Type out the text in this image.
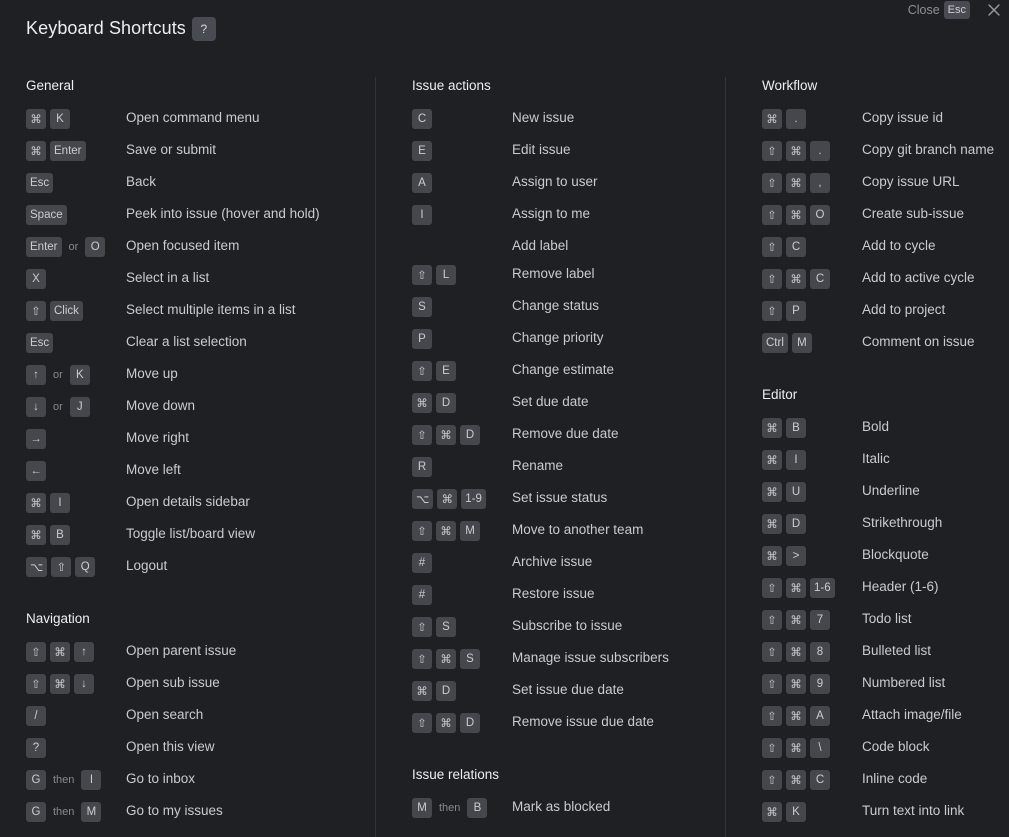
Keyboard Shortcuts	?
Close Esc
General
⌘	K	Open command menu
⌘	Enter	Save or submit
Esc	Back
Space	Peek into issue (hover and hold)
Enter	or	O	Open focused item
X	Select in a list
⇧	Click	Select multiple items in a list
Esc	Clear a list selection
↑	or	K	Move up
↓	or	J	Move down
→	Move right
←	Move left
⌘	I	Open details sidebar
⌘	B	Toggle list/board view
⌥	⇧	Q	Logout
Navigation
⇧	⌘	↑	Open parent issue
⇧	⌘	↓	Open sub issue
/	Open search
?	Open this view
G	then	I	Go to inbox
G	then	M	Go to my issues
Issue actions
C	New issue
E	Edit issue
A	Assign to user
I	Assign to me
Add label
⇧	L	Remove label
S	Change status
P	Change priority
⇧	E	Change estimate
⌘	D	Set due date
⇧	⌘	D	Remove due date
R	Rename
⌥	⌘	1-9 Set issue status
⇧	⌘	M	Move to another team
#	Archive issue
#	Restore issue
⇧	S	Subscribe to issue
⇧	⌘	S	Manage issue subscribers
⌘	D	Set issue due date
⇧	⌘	D	Remove issue due date
Issue relations
M	then	B	Mark as blocked
Workflow
⌘	.	Copy issue id
⇧	⌘	.	Copy git branch name
⇧	⌘	,	Copy issue URL
⇧	⌘	O	Create sub-issue
⇧	C	Add to cycle
⇧	⌘	C	Add to active cycle
⇧	P	Add to project
Ctrl	M	Comment on issue
Editor
⌘	B	Bold
⌘	I	Italic
⌘	U	Underline
⌘	D	Strikethrough
⌘	>	Blockquote
⇧	⌘	1-6 Header (1-6)
⇧	⌘	7	Todo list
⇧	⌘	8	Bulleted list
⇧	⌘	9	Numbered list
⇧	⌘	A	Attach image/file
⇧	⌘	\	Code block
⇧	⌘	C	Inline code
⌘	K	Turn text into link
